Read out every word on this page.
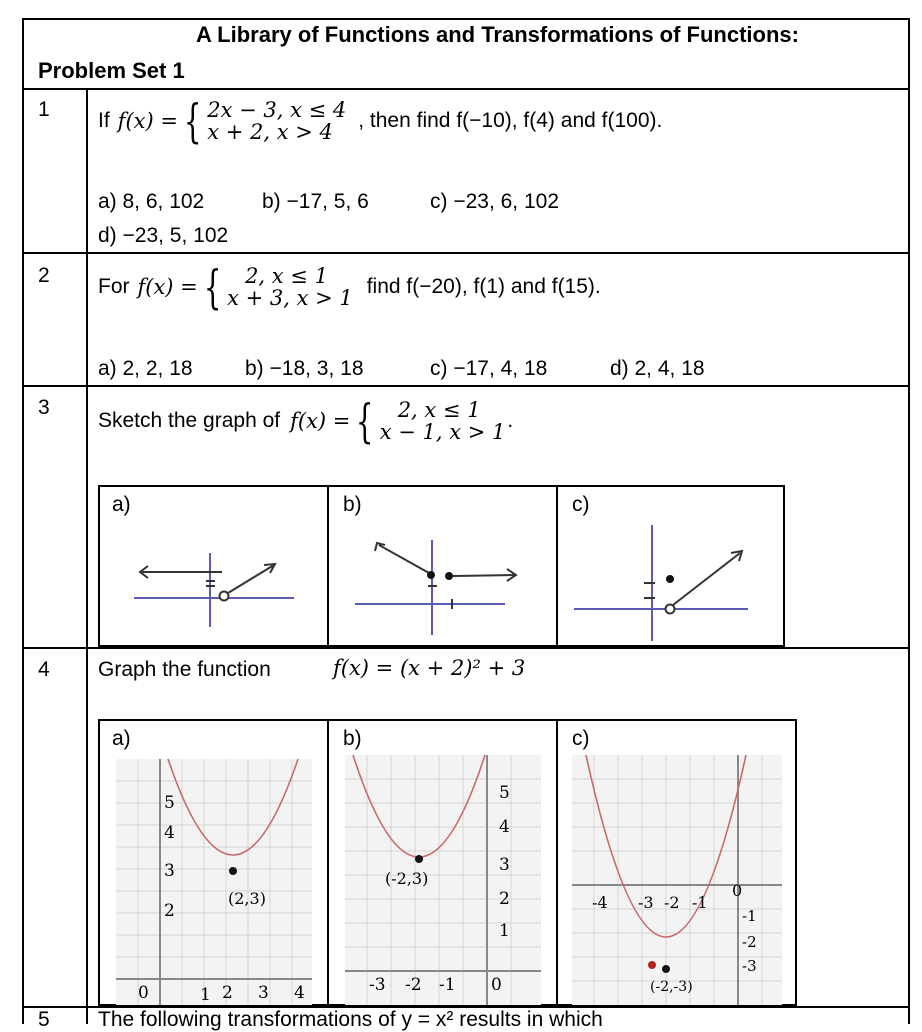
A Library of Functions and Transformations of Functions:
Problem Set 1
1 If f(x) = { 2x − 3, x ≤ 4
x + 2, x > 4	, then find f(−10), f(4) and f(100).
a) 8, 6, 102	b) −17, 5, 6	c) −23, 6, 102
d) −23, 5, 102
2 For f(x) = {	2, x ≤ 1
x + 3, x > 1 find f(−20), f(1) and f(15).
a) 2, 2, 18 b) −18, 3, 18	c) −17, 4, 18	d) 2, 4, 18
3
Sketch the graph of f(x) = {	2, x ≤ 1
x − 1, x > 1 .
a)	b)	c)
4 Graph the function	f(x) = (x + 2)² + 3
a)
5
4
3
2
(2,3)
0	1 2 3 4
b)
5
4
3
2
1
(-2,3)
-3 -2 -1 0
c)
-4 -3 -2 -1
0
-1
-2
-3
(-2,-3)
5 The following transformations of y = x² results in which
